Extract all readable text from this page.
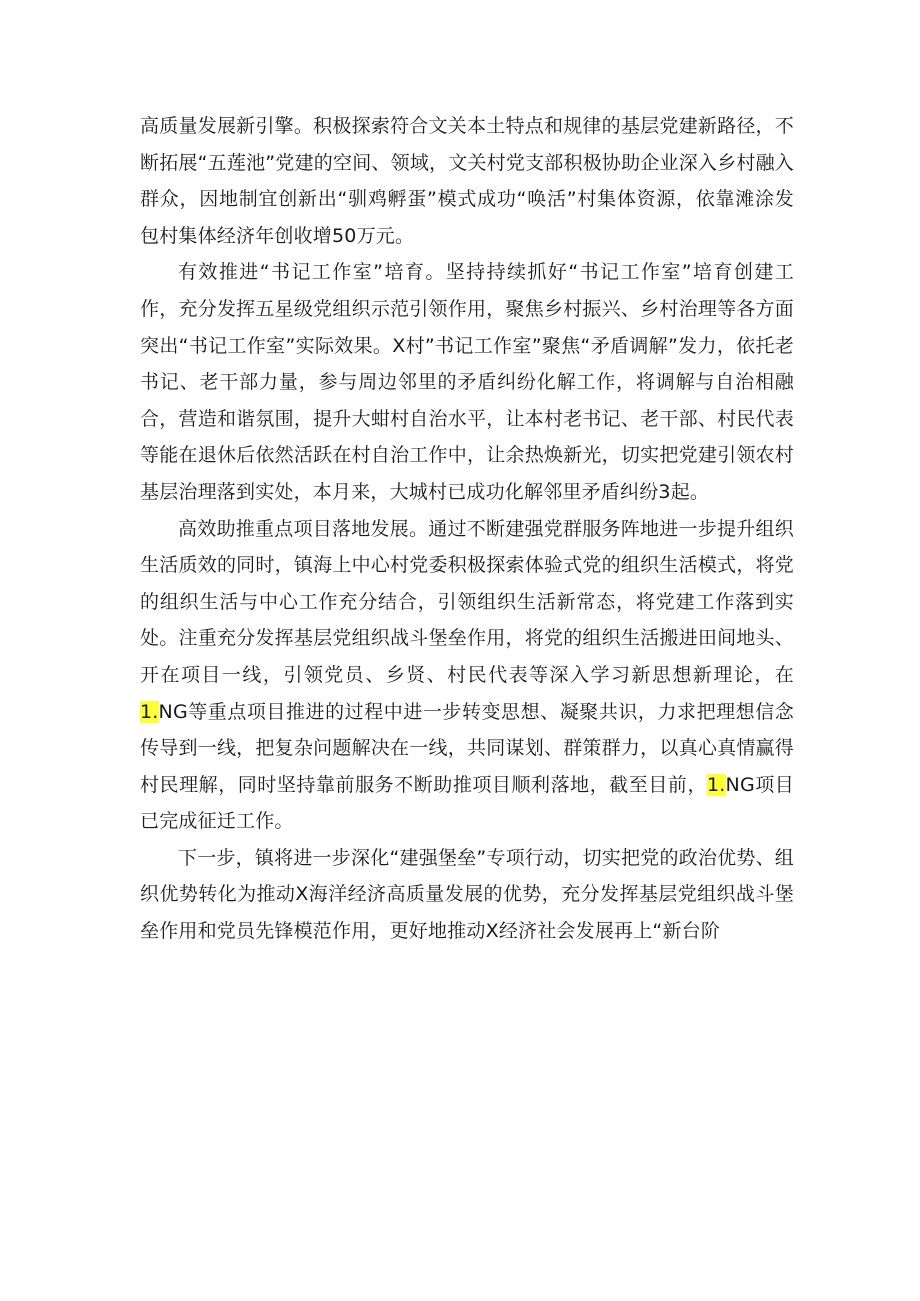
高质量发展新引擎。积极探索符合文关本土特点和规律的基层党建新路径，不断拓展“五莲池”党建的空间、领域，文关村党支部积极协助企业深入乡村融入群众，因地制宜创新出“驯鸡孵蛋”模式成功“唤活”村集体资源，依靠滩涂发包村集体经济年创收增50万元。

有效推进“书记工作室”培育。坚持持续抓好“书记工作室”培育创建工作，充分发挥五星级党组织示范引领作用，聚焦乡村振兴、乡村治理等各方面突出“书记工作室”实际效果。X村”书记工作室”聚焦“矛盾调解”发力，依托老书记、老干部力量，参与周边邻里的矛盾纠纷化解工作，将调解与自治相融合，营造和谐氛围，提升大蚶村自治水平，让本村老书记、老干部、村民代表等能在退休后依然活跃在村自治工作中，让余热焕新光，切实把党建引领农村基层治理落到实处，本月来，大城村已成功化解邻里矛盾纠纷3起。

高效助推重点项目落地发展。通过不断建强党群服务阵地进一步提升组织生活质效的同时，镇海上中心村党委积极探索体验式党的组织生活模式，将党的组织生活与中心工作充分结合，引领组织生活新常态，将党建工作落到实处。注重充分发挥基层党组织战斗堡垒作用，将党的组织生活搬进田间地头、开在项目一线，引领党员、乡贤、村民代表等深入学习新思想新理论，在1.NG等重点项目推进的过程中进一步转变思想、凝聚共识，力求把理想信念传导到一线，把复杂问题解决在一线，共同谋划、群策群力，以真心真情赢得村民理解，同时坚持靠前服务不断助推项目顺利落地，截至目前，1.NG项目已完成征迁工作。

下一步，镇将进一步深化“建强堡垒”专项行动，切实把党的政治优势、组织优势转化为推动X海洋经济高质量发展的优势，充分发挥基层党组织战斗堡垒作用和党员先锋模范作用，更好地推动X经济社会发展再上“新台阶
